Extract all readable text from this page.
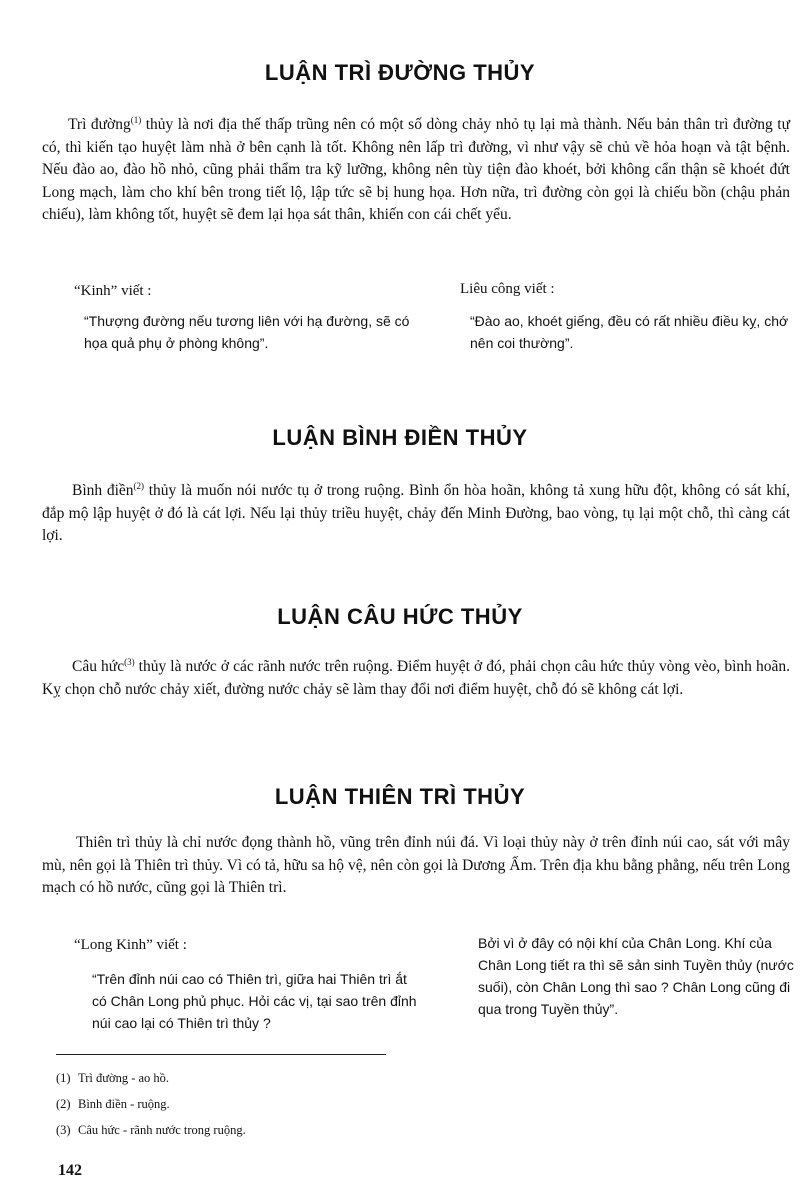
LUẬN TRÌ ĐƯỜNG THỦY

Trì đường$^{(1)}$ thủy là nơi địa thế thấp trũng nên có một số dòng chảy nhỏ tụ lại mà thành. Nếu bản thân trì đường tự có, thì kiến tạo huyệt làm nhà ở bên cạnh là tốt. Không nên lấp trì đường, vì như vậy sẽ chủ về hỏa hoạn và tật bệnh. Nếu đào ao, đào hồ nhỏ, cũng phải thẩm tra kỹ lưỡng, không nên tùy tiện đào khoét, bởi không cẩn thận sẽ khoét đứt Long mạch, làm cho khí bên trong tiết lộ, lập tức sẽ bị hung họa. Hơn nữa, trì đường còn gọi là chiếu bồn (chậu phản chiếu), làm không tốt, huyệt sẽ đem lại họa sát thân, khiến con cái chết yểu.

“Kinh” viết :
“Thượng đường nếu tương liên với hạ đường, sẽ có họa quả phụ ở phòng không”.
Liêu công viết :
“Đào ao, khoét giếng, đều có rất nhiều điều kỵ, chớ nên coi thường”.
LUẬN BÌNH ĐIỀN THỦY

Bình điền$^{(2)}$ thủy là muốn nói nước tụ ở trong ruộng. Bình ổn hòa hoãn, không tả xung hữu đột, không có sát khí, đắp mộ lập huyệt ở đó là cát lợi. Nếu lại thủy triều huyệt, chảy đến Minh Đường, bao vòng, tụ lại một chỗ, thì càng cát lợi.

LUẬN CÂU HỨC THỦY

Câu hức$^{(3)}$ thủy là nước ở các rãnh nước trên ruộng. Điểm huyệt ở đó, phải chọn câu hức thủy vòng vèo, bình hoãn. Kỵ chọn chỗ nước chảy xiết, đường nước chảy sẽ làm thay đổi nơi điểm huyệt, chỗ đó sẽ không cát lợi.

LUẬN THIÊN TRÌ THỦY

Thiên trì thủy là chỉ nước đọng thành hồ, vũng trên đỉnh núi đá. Vì loại thủy này ở trên đỉnh núi cao, sát với mây mù, nên gọi là Thiên trì thủy. Vì có tả, hữu sa hộ vệ, nên còn gọi là Dương Ấm. Trên địa khu bằng phẳng, nếu trên Long mạch có hồ nước, cũng gọi là Thiên trì.

“Long Kinh” viết :
“Trên đỉnh núi cao có Thiên trì, giữa hai Thiên trì ắt có Chân Long phủ phục. Hỏi các vị, tại sao trên đỉnh núi cao lại có Thiên trì thủy ?
Bởi vì ở đây có nội khí của Chân Long. Khí của Chân Long tiết ra thì sẽ sản sinh Tuyền thủy (nước suối), còn Chân Long thì sao ? Chân Long cũng đi qua trong Tuyền thủy”.
(1) Trì đường - ao hồ.
(2) Bình điền - ruộng.
(3) Câu hức - rãnh nước trong ruộng.
142
